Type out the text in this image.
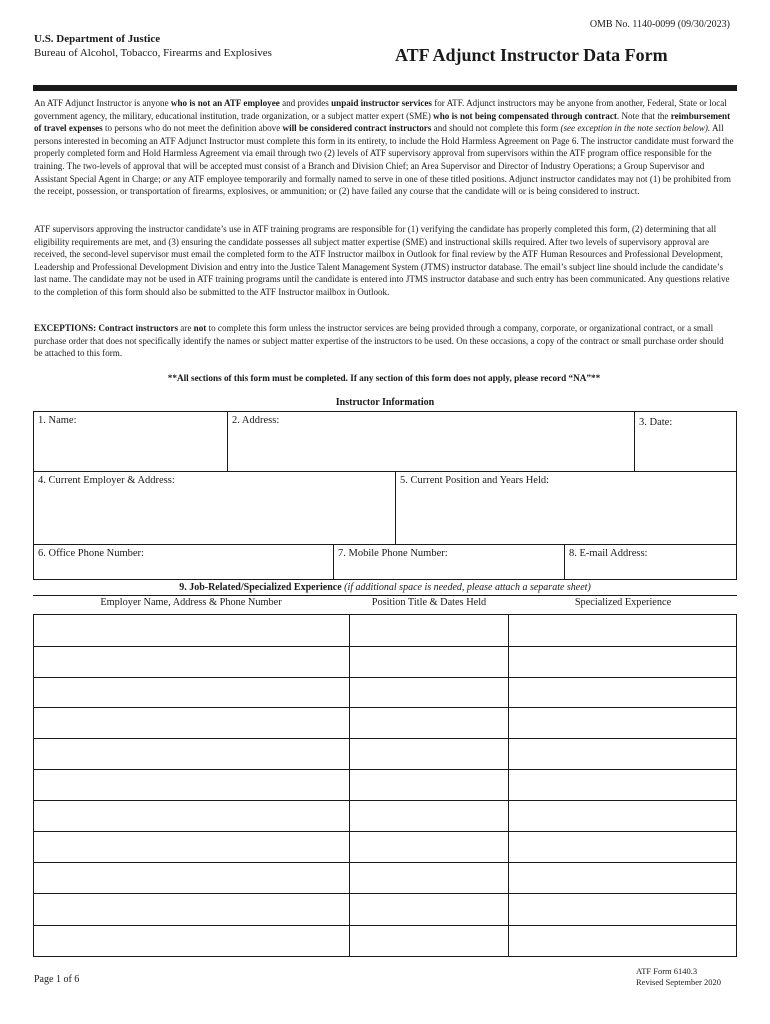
OMB No. 1140-0099 (09/30/2023)
U.S. Department of Justice
Bureau of Alcohol, Tobacco, Firearms and Explosives	ATF Adjunct Instructor Data Form
An ATF Adjunct Instructor is anyone who is not an ATF employee and provides unpaid instructor services for ATF. Adjunct instructors may be anyone from another, Federal, State or local government agency, the military, educational institution, trade organization, or a subject matter expert (SME) who is not being compensated through contract. Note that the reimbursement of travel expenses to persons who do not meet the definition above will be considered contract instructors and should not complete this form (see exception in the note section below). All persons interested in becoming an ATF Adjunct Instructor must complete this form in its entirety, to include the Hold Harmless Agreement on Page 6. The instructor candidate must forward the properly completed form and Hold Harmless Agreement via email through two (2) levels of ATF supervisory approval from supervisors within the ATF program office responsible for the training. The two-levels of approval that will be accepted must consist of a Branch and Division Chief; an Area Supervisor and Director of Industry Operations; a Group Supervisor and Assistant Special Agent in Charge; or any ATF employee temporarily and formally named to serve in one of these titled positions. Adjunct instructor candidates may not (1) be prohibited from the receipt, possession, or transportation of firearms, explosives, or ammunition; or (2) have failed any course that the candidate will or is being considered to instruct.
ATF supervisors approving the instructor candidate’s use in ATF training programs are responsible for (1) verifying the candidate has properly completed this form, (2) determining that all eligibility requirements are met, and (3) ensuring the candidate possesses all subject matter expertise (SME) and instructional skills required. After two levels of supervisory approval are received, the second-level supervisor must email the completed form to the ATF Instructor mailbox in Outlook for final review by the ATF Human Resources and Professional Development, Leadership and Professional Development Division and entry into the Justice Talent Management System (JTMS) instructor database. The email’s subject line should include the candidate’s last name. The candidate may not be used in ATF training programs until the candidate is entered into JTMS instructor database and such entry has been communicated. Any questions relative to the completion of this form should also be submitted to the ATF Instructor mailbox in Outlook.
EXCEPTIONS: Contract instructors are not to complete this form unless the instructor services are being provided through a company, corporate, or organizational contract, or a small purchase order that does not specifically identify the names or subject matter expertise of the instructors to be used. On these occasions, a copy of the contract or small purchase order should be attached to this form.
**All sections of this form must be completed. If any section of this form does not apply, please record “NA”**
Instructor Information
1. Name:	2. Address:	3. Date:
4. Current Employer & Address:	5. Current Position and Years Held:
6. Office Phone Number:	7. Mobile Phone Number:	8. E-mail Address:
9. Job-Related/Specialized Experience (if additional space is needed, please attach a separate sheet)
Employer Name, Address & Phone Number	Position Title & Dates Held	Specialized Experience
Page 1 of 6
ATF Form 6140.3
Revised September 2020
